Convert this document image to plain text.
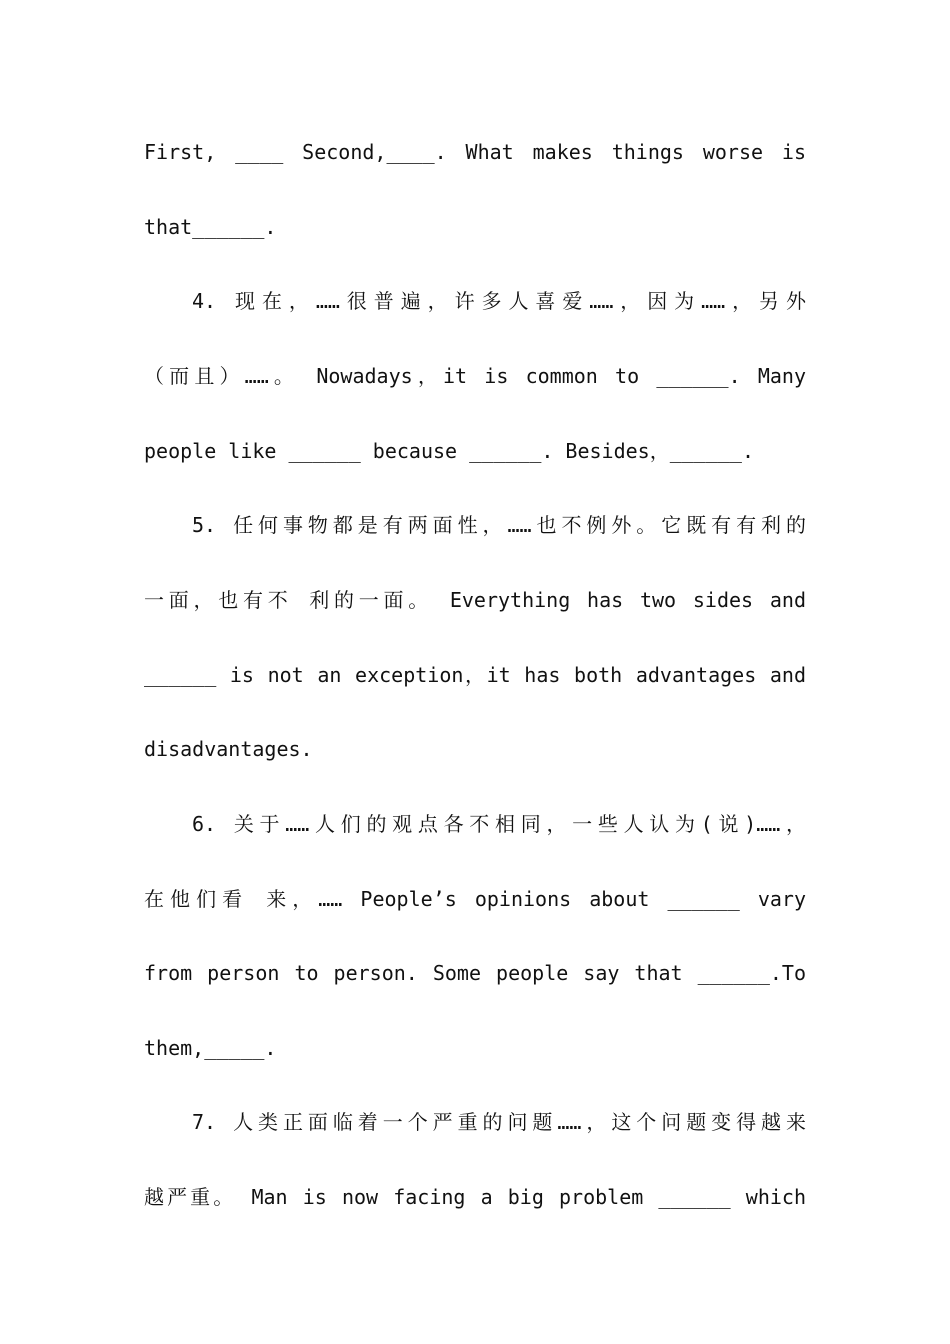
First, ____ Second,____. What makes things worse is
that______.
4. 现在，……很普遍，许多人喜爱……，因为……，另外
（而且）……。 Nowadays，it is common to ______. Many
people like ______ because ______. Besides，______.
5. 任何事物都是有两面性，……也不例外。它既有有利的
一面，也有不 利的一面。 Everything has two sides and
______ is not an exception，it has both advantages and
disadvantages.
6. 关于……人们的观点各不相同，一些人认为(说)……，
在他们看 来，…… People’s opinions about ______ vary
from person to person. Some people say that ______.To
them,_____.
7. 人类正面临着一个严重的问题……，这个问题变得越来
越严重。 Man is now facing a big problem ______ which
